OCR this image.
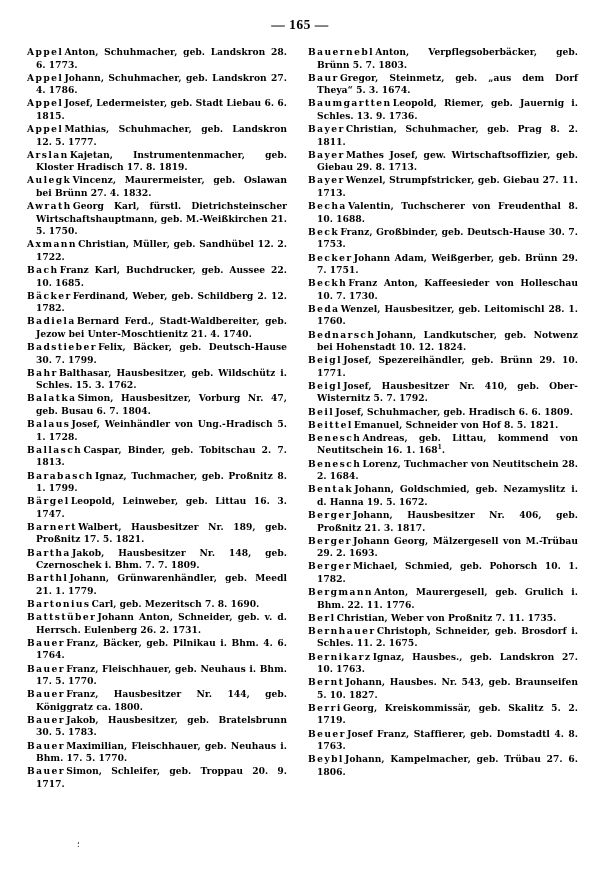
— 165 —

AppelAnton, Schuhmacher, geb. Landskron 28. 6. 1773.

AppelJohann, Schuhmacher, geb. Landskron 27. 4. 1786.

AppelJosef, Ledermeister, geb. Stadt Liebau 6. 6. 1815.

AppelMathias, Schuhmacher, geb. Landskron 12. 5. 1777.

ArslanKajetan, Instrumentenmacher, geb. Kloster Hradisch 17. 8. 1819.

AulegkVincenz, Maurermeister, geb. Oslawan bei Brünn 27. 4. 1832.

AwrathGeorg Karl, fürstl. Dietrichsteinscher Wirtschaftshauptmann, geb. M.-Weißkirchen 21. 5. 1750.

AxmannChristian, Müller, geb. Sandhübel 12. 2. 1722.

BachFranz Karl, Buchdrucker, geb. Aussee 22. 10. 1685.

BäckerFerdinand, Weber, geb. Schildberg 2. 12. 1782.

BadielaBernard Ferd., Stadt-Waldbereiter, geb. Jezow bei Unter-Moschtienitz 21. 4. 1740.

BadstieberFelix, Bäcker, geb. Deutsch-Hause 30. 7. 1799.

BahrBalthasar, Hausbesitzer, geb. Wildschütz i. Schles. 15. 3. 1762.

BalatkaSimon, Hausbesitzer, Vorburg Nr. 47, geb. Busau 6. 7. 1804.

BalausJosef, Weinhändler von Ung.-Hradisch 5. 1. 1728.

BallaschCaspar, Binder, geb. Tobitschau 2. 7. 1813.

BarabaschIgnaz, Tuchmacher, geb. Proßnitz 8. 1. 1799.

BärgelLeopold, Leinweber, geb. Littau 16. 3. 1747.

BarnertWalbert, Hausbesitzer Nr. 189, geb. Proßnitz 17. 5. 1821.

BarthaJakob, Hausbesitzer Nr. 148, geb. Czernoschek i. Bhm. 7. 7. 1809.

BarthlJohann, Grünwarenhändler, geb. Meedl 21. 1. 1779.

BartoniusCarl, geb. Mezeritsch 7. 8. 1690.

BattstüberJohann Anton, Schneider, geb. v. d. Herrsch. Eulenberg 26. 2. 1731.

BauerFranz, Bäcker, geb. Pilnikau i. Bhm. 4. 6. 1764.

BauerFranz, Fleischhauer, geb. Neuhaus i. Bhm. 17. 5. 1770.

BauerFranz, Hausbesitzer Nr. 144, geb. Königgratz ca. 1800.

BauerJakob, Hausbesitzer, geb. Bratelsbrunn 30. 5. 1783.

BauerMaximilian, Fleischhauer, geb. Neuhaus i. Bhm. 17. 5. 1770.

BauerSimon, Schleifer, geb. Troppau 20. 9. 1717.

BauerneblAnton, Verpflegsoberbäcker, geb. Brünn 5. 7. 1803.

BaurGregor, Steinmetz, geb. „aus dem Dorf Theya“ 5. 3. 1674.

BaumgarttenLeopold, Riemer, geb. Jauernig i. Schles. 13. 9. 1736.

BayerChristian, Schuhmacher, geb. Prag 8. 2. 1811.

BayerMathes Josef, gew. Wirtschaftsoffizier, geb. Giebau 29. 8. 1713.

BayerWenzel, Strumpfstricker, geb. Giebau 27. 11. 1713.

BechaValentin, Tuchscherer von Freudenthal 8. 10. 1688.

BeckFranz, Großbinder, geb. Deutsch-Hause 30. 7. 1753.

BeckerJohann Adam, Weißgerber, geb. Brünn 29. 7. 1751.

BeckhFranz Anton, Kaffeesieder von Holleschau 10. 7. 1730.

BedaWenzel, Hausbesitzer, geb. Leitomischl 28. 1. 1760.

BednarschJohann, Landkutscher, geb. Notwenz bei Hohenstadt 10. 12. 1824.

BeiglJosef, Spezereihändler, geb. Brünn 29. 10. 1771.

BeiglJosef, Hausbesitzer Nr. 410, geb. Ober-Wisternitz 5. 7. 1792.

BeilJosef, Schuhmacher, geb. Hradisch 6. 6. 1809.

BeittelEmanuel, Schneider von Hof 8. 5. 1821.

BeneschAndreas, geb. Littau, kommend von Neutitschein 16. 1. $168^1$.

BeneschLorenz, Tuchmacher von Neutitschein 28. 2. 1684.

BentakJohann, Goldschmied, geb. Nezamyslitz i. d. Hanna 19. 5. 1672.

BergerJohann, Hausbesitzer Nr. 406, geb. Proßnitz 21. 3. 1817.

BergerJohann Georg, Mälzergesell von M.-Trübau 29. 2. 1693.

BergerMichael, Schmied, geb. Pohorsch 10. 1. 1782.

BergmannAnton, Maurergesell, geb. Grulich i. Bhm. 22. 11. 1776.

BerlChristian, Weber von Proßnitz 7. 11. 1735.

BernhauerChristoph, Schneider, geb. Brosdorf i. Schles. 11. 2. 1675.

BernikarzIgnaz, Hausbes., geb. Landskron 27. 10. 1763.

BerntJohann, Hausbes. Nr. 543, geb. Braunseifen 5. 10. 1827.

BerriGeorg, Kreiskommissär, geb. Skalitz 5. 2. 1719.

BeuerJosef Franz, Staffierer, geb. Domstadtl 4. 8. 1763.

BeyblJohann, Kampelmacher, geb. Trübau 27. 6. 1806.

؛
